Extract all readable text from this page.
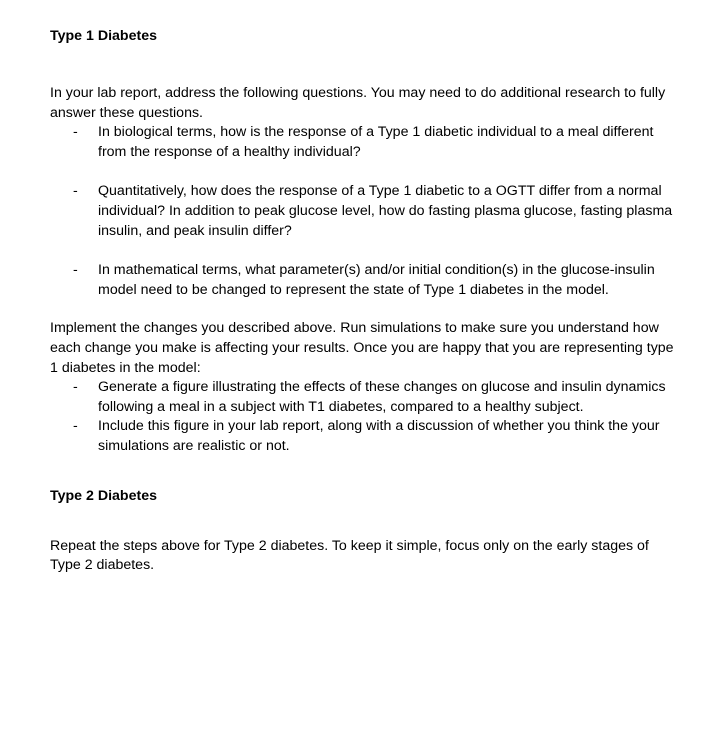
Type 1 Diabetes

In your lab report, address the following questions. You may need to do additional research to fully answer these questions.

- In biological terms, how is the response of a Type 1 diabetic individual to a meal different from the response of a healthy individual?
- Quantitatively, how does the response of a Type 1 diabetic to a OGTT differ from a normal individual? In addition to peak glucose level, how do fasting plasma glucose, fasting plasma insulin, and peak insulin differ?
- In mathematical terms, what parameter(s) and/or initial condition(s) in the glucose-insulin model need to be changed to represent the state of Type 1 diabetes in the model.

Implement the changes you described above. Run simulations to make sure you understand how each change you make is affecting your results. Once you are happy that you are representing type 1 diabetes in the model:

- Generate a figure illustrating the effects of these changes on glucose and insulin dynamics following a meal in a subject with T1 diabetes, compared to a healthy subject.
- Include this figure in your lab report, along with a discussion of whether you think the your simulations are realistic or not.
Type 2 Diabetes

Repeat the steps above for Type 2 diabetes. To keep it simple, focus only on the early stages of Type 2 diabetes.
